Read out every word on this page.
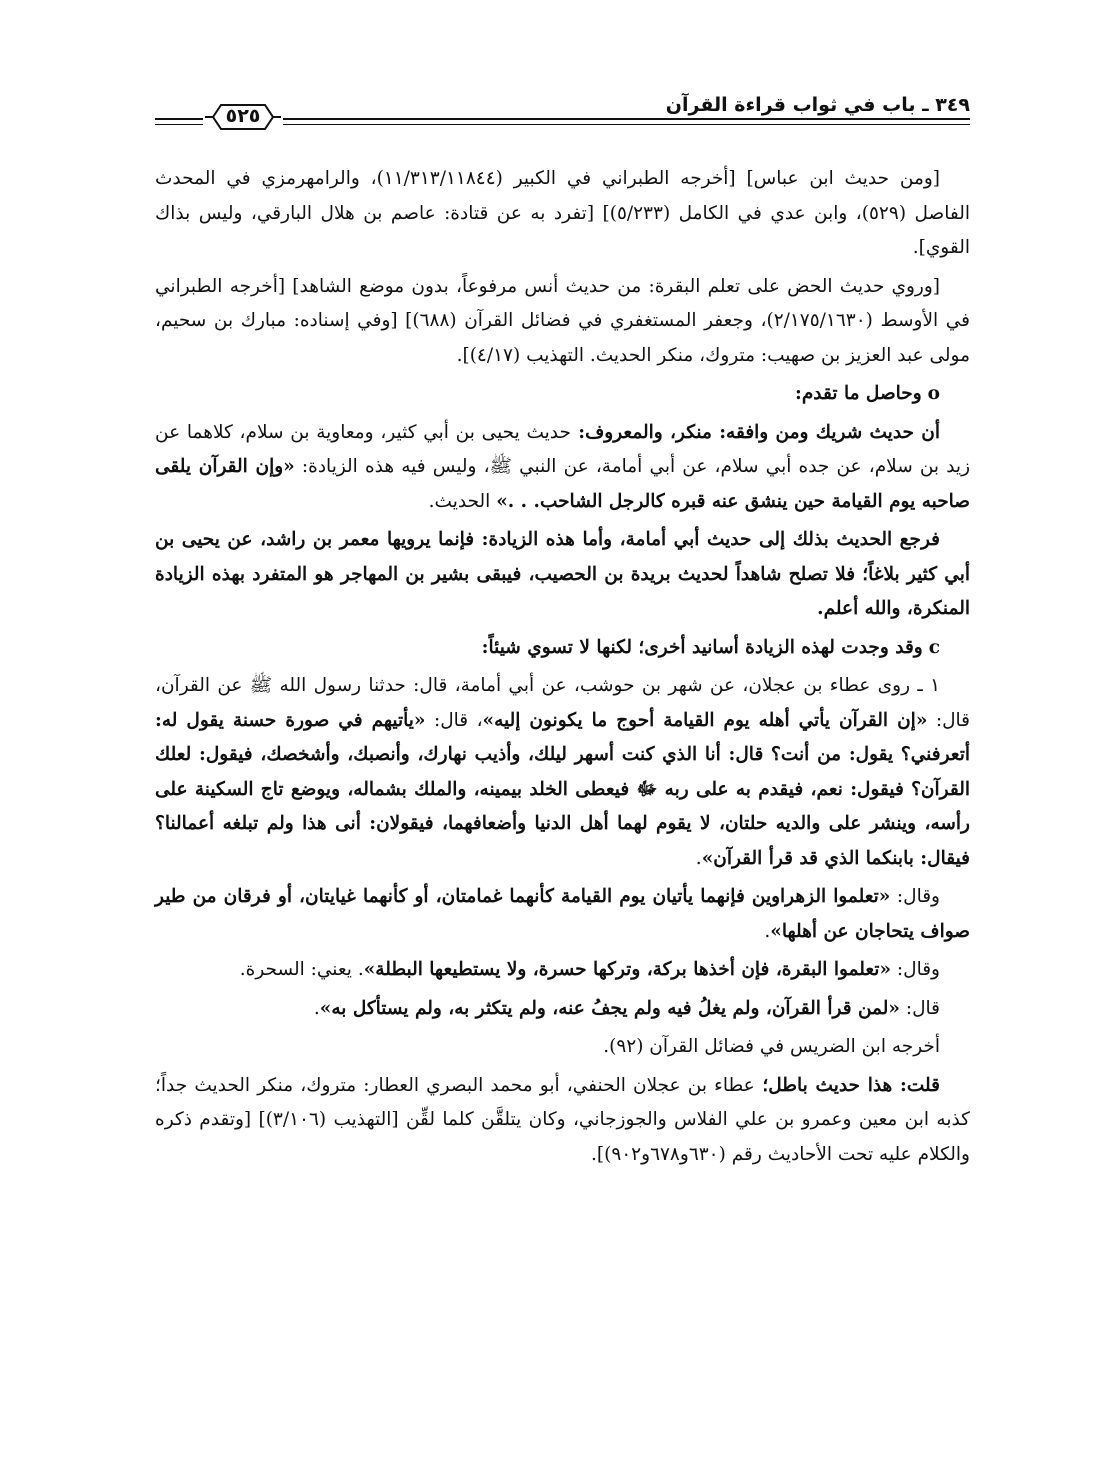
٣٤٩ ـ باب في ثواب قراءة القرآن
٥٢٥

[ومن حديث ابن عباس] [أخرجه الطبراني في الكبير (١١/٣١٣/١١٨٤٤)، والرامهرمزي في المحدث الفاصل (٥٢٩)، وابن عدي في الكامل (٥/٢٣٣)] [تفرد به عن قتادة: عاصم بن هلال البارقي، وليس بذاك القوي].

[وروي حديث الحض على تعلم البقرة: من حديث أنس مرفوعاً، بدون موضع الشاهد] [أخرجه الطبراني في الأوسط (٢/١٧٥/١٦٣٠)، وجعفر المستغفري في فضائل القرآن (٦٨٨)] [وفي إسناده: مبارك بن سحيم، مولى عبد العزيز بن صهيب: متروك، منكر الحديث. التهذيب (٤/١٧)].

oوحاصل ما تقدم:

أن حديث شريك ومن وافقه: منكر، والمعروف: حديث يحيى بن أبي كثير، ومعاوية بن سلام، كلاهما عن زيد بن سلام، عن جده أبي سلام، عن أبي أمامة، عن النبي ﷺ، وليس فيه هذه الزيادة: «وإن القرآن يلقى صاحبه يوم القيامة حين ينشق عنه قبره كالرجل الشاحب. . .» الحديث.

فرجع الحديث بذلك إلى حديث أبي أمامة، وأما هذه الزيادة: فإنما يرويها معمر بن راشد، عن يحيى بن أبي كثير بلاغاً؛ فلا تصلح شاهداً لحديث بريدة بن الحصيب، فيبقى بشير بن المهاجر هو المتفرد بهذه الزيادة المنكرة، والله أعلم.

cوقد وجدت لهذه الزيادة أسانيد أخرى؛ لكنها لا تسوي شيئاً:

١ ـ روى عطاء بن عجلان، عن شهر بن حوشب، عن أبي أمامة، قال: حدثنا رسول الله ﷺ عن القرآن، قال: «إن القرآن يأتي أهله يوم القيامة أحوج ما يكونون إليه»، قال: «يأتيهم في صورة حسنة يقول له: أتعرفني؟ يقول: من أنت؟ قال: أنا الذي كنت أسهر ليلك، وأذيب نهارك، وأنصبك، وأشخصك، فيقول: لعلك القرآن؟ فيقول: نعم، فيقدم به على ربه ﷻ فيعطى الخلد بيمينه، والملك بشماله، ويوضع تاج السكينة على رأسه، وينشر على والديه حلتان، لا يقوم لهما أهل الدنيا وأضعافهما، فيقولان: أنى هذا ولم تبلغه أعمالنا؟ فيقال: بابنكما الذي قد قرأ القرآن».

وقال: «تعلموا الزهراوين فإنهما يأتيان يوم القيامة كأنهما غمامتان، أو كأنهما غيايتان، أو فرقان من طير صواف يتحاجان عن أهلها».

وقال: «تعلموا البقرة، فإن أخذها بركة، وتركها حسرة، ولا يستطيعها البطلة». يعني: السحرة.

قال: «لمن قرأ القرآن، ولم يغلُ فيه ولم يجفُ عنه، ولم يتكثر به، ولم يستأكل به».

أخرجه ابن الضريس في فضائل القرآن (٩٢).

قلت: هذا حديث باطل؛ عطاء بن عجلان الحنفي، أبو محمد البصري العطار: متروك، منكر الحديث جداً؛ كذبه ابن معين وعمرو بن علي الفلاس والجوزجاني، وكان يتلقَّن كلما لقِّن [التهذيب (٣/١٠٦)] [وتقدم ذكره والكلام عليه تحت الأحاديث رقم (٦٣٠و٦٧٨و٩٠٢)].
